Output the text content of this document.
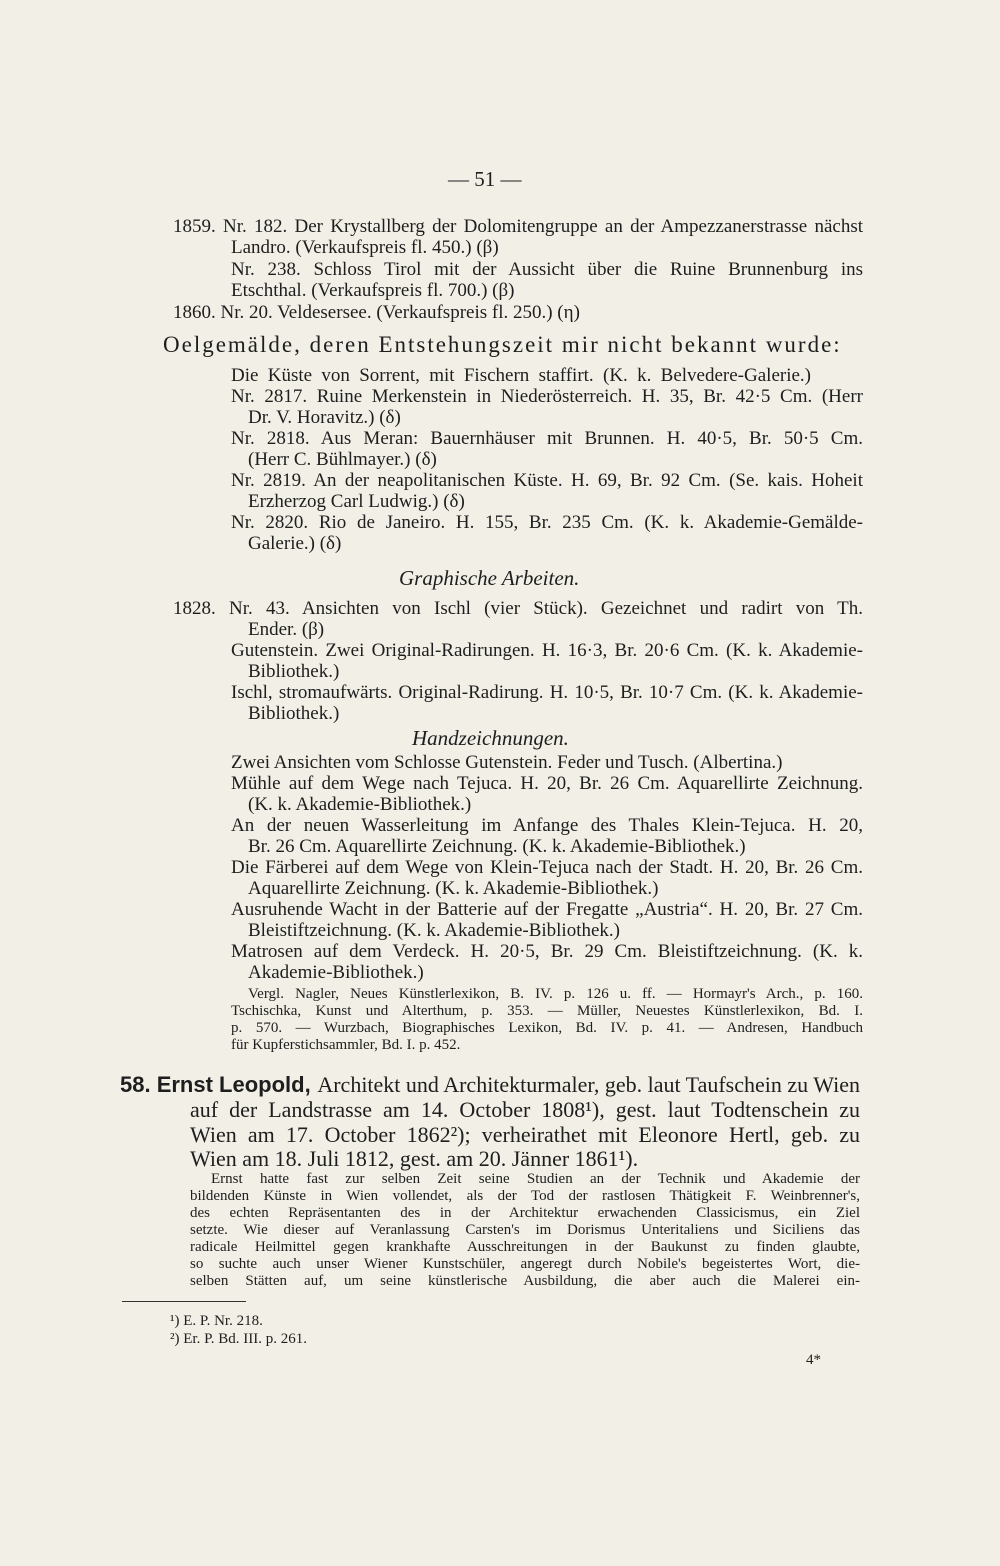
— 51 —
1859. Nr. 182. Der Krystallberg der Dolomitengruppe an der Ampezzanerstrasse nächst
Landro. (Verkaufspreis fl. 450.) (β)
Nr. 238. Schloss Tirol mit der Aussicht über die Ruine Brunnenburg ins
Etschthal. (Verkaufspreis fl. 700.) (β)
1860. Nr. 20. Veldesersee. (Verkaufspreis fl. 250.) (η)
Oelgemälde, deren Entstehungszeit mir nicht bekannt wurde:
Die Küste von Sorrent, mit Fischern staffirt. (K. k. Belvedere-Galerie.)
Nr. 2817. Ruine Merkenstein in Niederösterreich. H. 35, Br. 42·5 Cm. (Herr
Dr. V. Horavitz.) (δ)
Nr. 2818. Aus Meran: Bauernhäuser mit Brunnen. H. 40·5, Br. 50·5 Cm.
(Herr C. Bühlmayer.) (δ)
Nr. 2819. An der neapolitanischen Küste. H. 69, Br. 92 Cm. (Se. kais. Hoheit
Erzherzog Carl Ludwig.) (δ)
Nr. 2820. Rio de Janeiro. H. 155, Br. 235 Cm. (K. k. Akademie-Gemälde-
Galerie.) (δ)
Graphische Arbeiten.
1828. Nr. 43. Ansichten von Ischl (vier Stück). Gezeichnet und radirt von Th.
Ender. (β)
Gutenstein. Zwei Original-Radirungen. H. 16·3, Br. 20·6 Cm. (K. k. Akademie-
Bibliothek.)
Ischl, stromaufwärts. Original-Radirung. H. 10·5, Br. 10·7 Cm. (K. k. Akademie-
Bibliothek.)
Handzeichnungen.
Zwei Ansichten vom Schlosse Gutenstein. Feder und Tusch. (Albertina.)
Mühle auf dem Wege nach Tejuca. H. 20, Br. 26 Cm. Aquarellirte Zeichnung.
(K. k. Akademie-Bibliothek.)
An der neuen Wasserleitung im Anfange des Thales Klein-Tejuca. H. 20,
Br. 26 Cm. Aquarellirte Zeichnung. (K. k. Akademie-Bibliothek.)
Die Färberei auf dem Wege von Klein-Tejuca nach der Stadt. H. 20, Br. 26 Cm.
Aquarellirte Zeichnung. (K. k. Akademie-Bibliothek.)
Ausruhende Wacht in der Batterie auf der Fregatte „Austria“. H. 20, Br. 27 Cm.
Bleistiftzeichnung. (K. k. Akademie-Bibliothek.)
Matrosen auf dem Verdeck. H. 20·5, Br. 29 Cm. Bleistiftzeichnung. (K. k.
Akademie-Bibliothek.)
Vergl. Nagler, Neues Künstlerlexikon, B. IV. p. 126 u. ff. — Hormayr's Arch., p. 160.
Tschischka, Kunst und Alterthum, p. 353. — Müller, Neuestes Künstlerlexikon, Bd. I.
p. 570. — Wurzbach, Biographisches Lexikon, Bd. IV. p. 41. — Andresen, Handbuch
für Kupferstichsammler, Bd. I. p. 452.
58. Ernst Leopold, Architekt und Architekturmaler, geb. laut Taufschein zu Wien
auf der Landstrasse am 14. October 1808¹), gest. laut Todtenschein zu
Wien am 17. October 1862²); verheirathet mit Eleonore Hertl, geb. zu
Wien am 18. Juli 1812, gest. am 20. Jänner 1861¹).
Ernst hatte fast zur selben Zeit seine Studien an der Technik und Akademie der
bildenden Künste in Wien vollendet, als der Tod der rastlosen Thätigkeit F. Weinbrenner's,
des echten Repräsentanten des in der Architektur erwachenden Classicismus, ein Ziel
setzte. Wie dieser auf Veranlassung Carsten's im Dorismus Unteritaliens und Siciliens das
radicale Heilmittel gegen krankhafte Ausschreitungen in der Baukunst zu finden glaubte,
so suchte auch unser Wiener Kunstschüler, angeregt durch Nobile's begeistertes Wort, die-
selben Stätten auf, um seine künstlerische Ausbildung, die aber auch die Malerei ein-
¹) E. P. Nr. 218.
²) Er. P. Bd. III. p. 261.
4*
